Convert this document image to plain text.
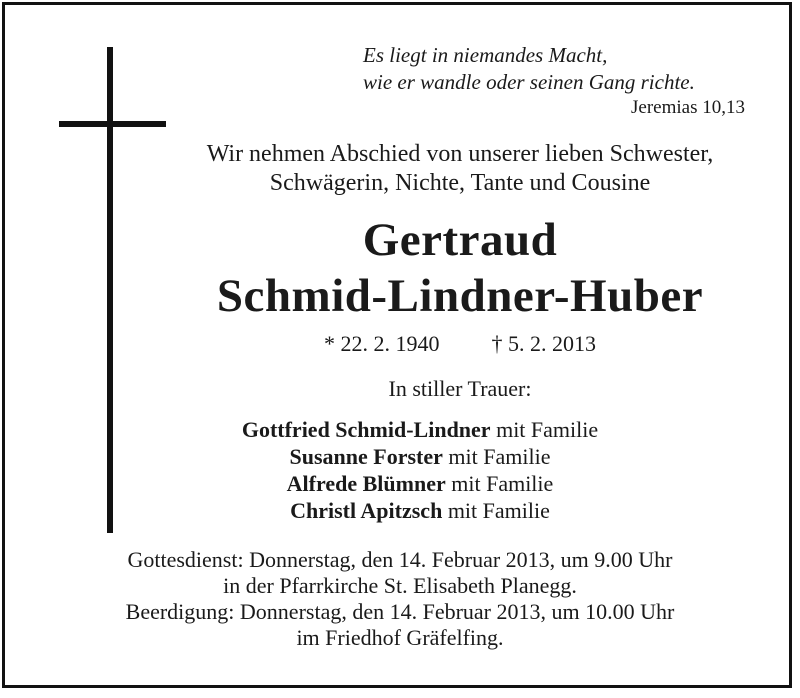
Es liegt in niemandes Macht,
wie er wandle oder seinen Gang richte.
Jeremias 10,13
Wir nehmen Abschied von unserer lieben Schwester,
Schwägerin, Nichte, Tante und Cousine
Gertraud
Schmid-Lindner-Huber
* 22. 2. 1940 † 5. 2. 2013
In stiller Trauer:
Gottfried Schmid-Lindner mit Familie
Susanne Forster mit Familie
Alfrede Blümner mit Familie
Christl Apitzsch mit Familie
Gottesdienst: Donnerstag, den 14. Februar 2013, um 9.00 Uhr
in der Pfarrkirche St. Elisabeth Planegg.
Beerdigung: Donnerstag, den 14. Februar 2013, um 10.00 Uhr
im Friedhof Gräfelfing.
